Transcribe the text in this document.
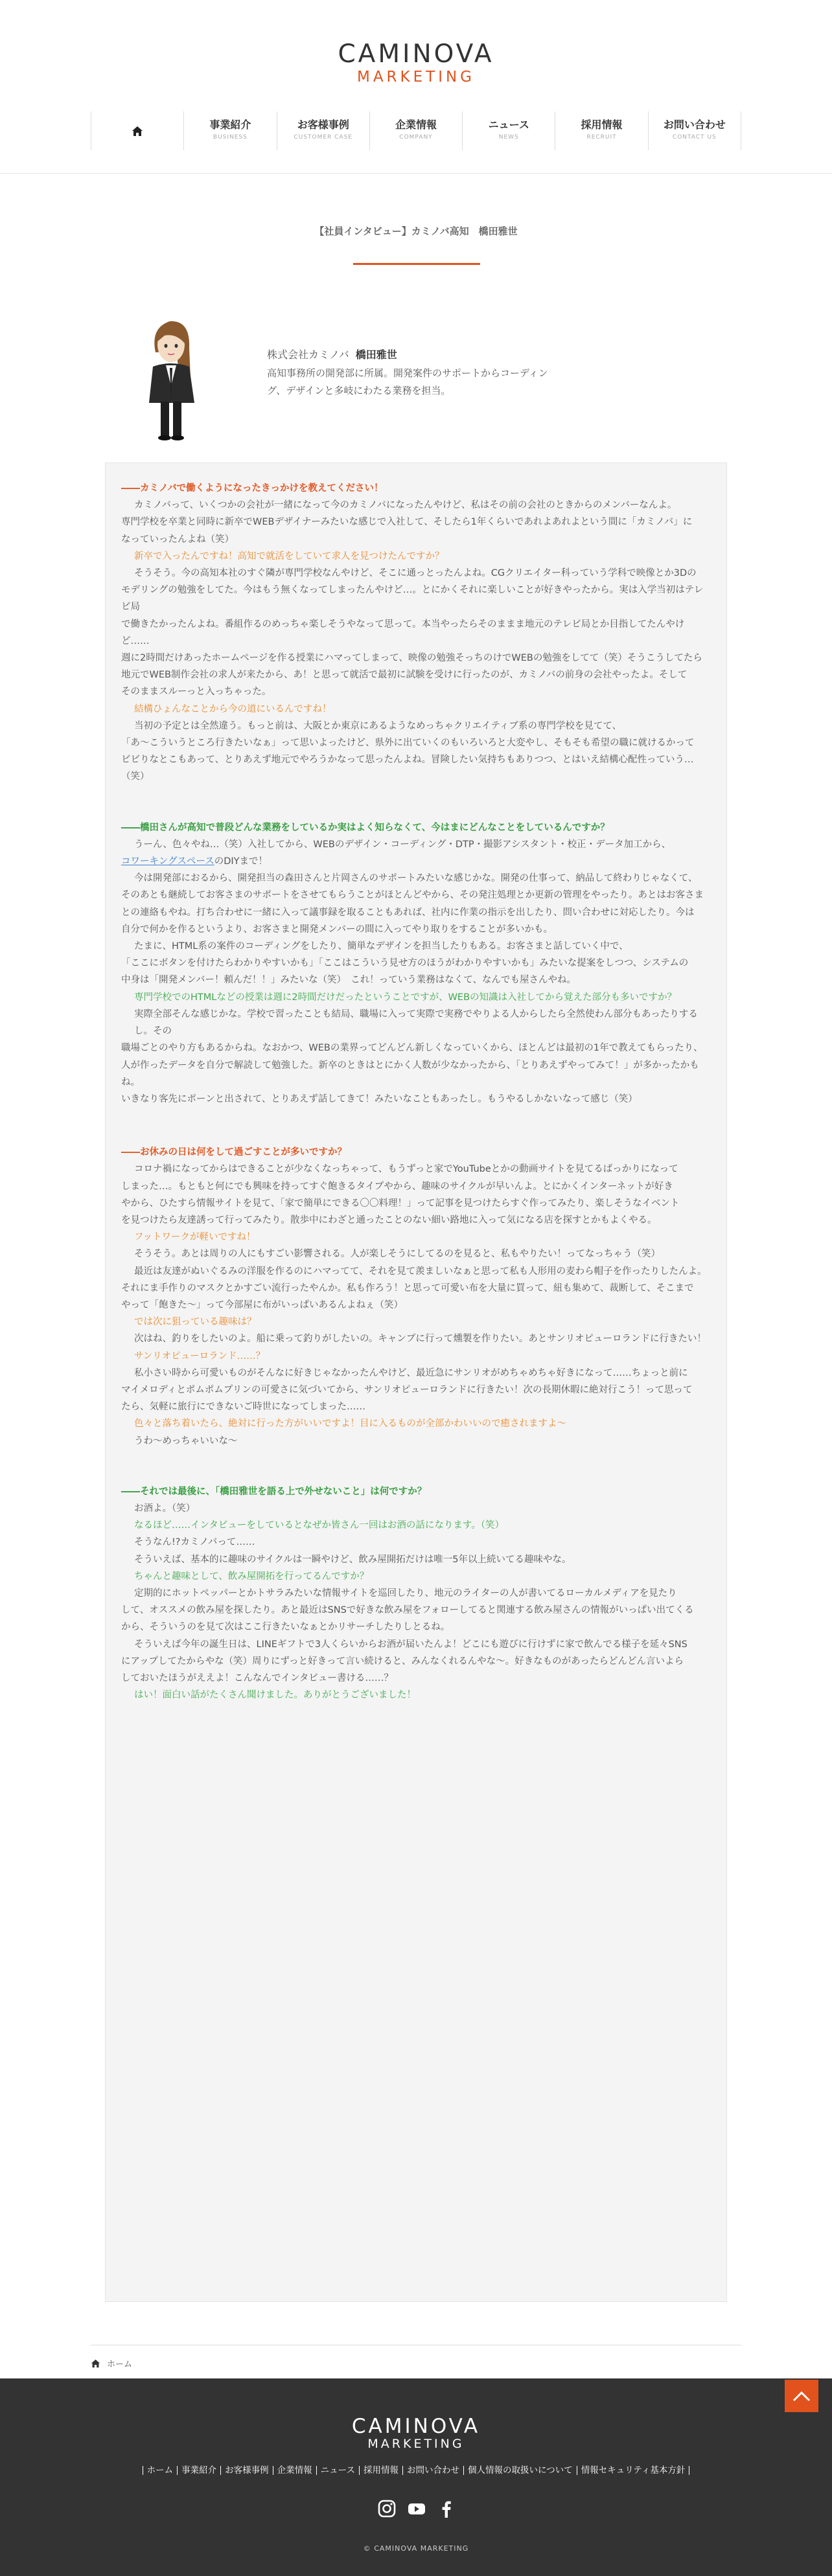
CAMINOVA
MARKETING
事業紹介
BUSINESS
お客様事例
CUSTOMER CASE
企業情報
COMPANY
ニュース
NEWS
採用情報
RECRUIT
お問い合わせ
CONTACT US
【社員インタビュー】カミノバ高知　橋田雅世
株式会社カミノバ 橋田雅世
高知事務所の開発部に所属。開発案件のサポートからコーディング、デザインと多岐にわたる業務を担当。

――カミノバで働くようになったきっかけを教えてください！

カミノバって、いくつかの会社が一緒になって今のカミノバになったんやけど、私はその前の会社のときからのメンバーなんよ。

専門学校を卒業と同時に新卒でWEBデザイナーみたいな感じで入社して、そしたら1年くらいであれよあれよという間に「カミノバ」に

なっていったんよね（笑）

新卒で入ったんですね！高知で就活をしていて求人を見つけたんですか？

そうそう。今の高知本社のすぐ隣が専門学校なんやけど、そこに通っとったんよね。CGクリエイター科っていう学科で映像とか3Dの

モデリングの勉強をしてた。今はもう無くなってしまったんやけど…。とにかくそれに楽しいことが好きやったから。実は入学当初はテレビ局

で働きたかったんよね。番組作るのめっちゃ楽しそうやなって思って。本当やったらそのままま地元のテレビ局とか目指してたんやけど……

週に2時間だけあったホームページを作る授業にハマってしまって、映像の勉強そっちのけでWEBの勉強をしてて（笑）そうこうしてたら

地元でWEB制作会社の求人が来たから、あ！と思って就活で最初に試験を受けに行ったのが、カミノバの前身の会社やったよ。そして

そのままスルーっと入っちゃった。

結構ひょんなことから今の道にいるんですね！

当初の予定とは全然違う。もっと前は、大阪とか東京にあるようなめっちゃクリエイティブ系の専門学校を見てて、

「あ〜こういうところ行きたいなぁ」って思いよったけど、県外に出ていくのもいろいろと大変やし、そもそも希望の職に就けるかって

ビビりなとこもあって、とりあえず地元でやろうかなって思ったんよね。冒険したい気持ちもありつつ、とはいえ結構心配性っていう…（笑）

――橋田さんが高知で普段どんな業務をしているか実はよく知らなくて、今はまにどんなことをしているんですか？

うーん、色々やね…（笑）入社してから、WEBのデザイン・コーディング・DTP・撮影アシスタント・校正・データ加工から、

コワーキングスペースのDIYまで！

今は開発部におるから、開発担当の森田さんと片岡さんのサポートみたいな感じかな。開発の仕事って、納品して終わりじゃなくて、

そのあとも継続してお客さまのサポートをさせてもらうことがほとんどやから、その発注処理とか更新の管理をやったり。あとはお客さま

との連絡もやね。打ち合わせに一緒に入って議事録を取ることもあれば、社内に作業の指示を出したり、問い合わせに対応したり。今は

自分で何かを作るというより、お客さまと開発メンバーの間に入ってやり取りをすることが多いかも。

たまに、HTML系の案件のコーディングをしたり、簡単なデザインを担当したりもある。お客さまと話していく中で、

「ここにボタンを付けたらわかりやすいかも」「ここはこういう見せ方のほうがわかりやすいかも」みたいな提案をしつつ、システムの

中身は「開発メンバー！頼んだ！！」みたいな（笑）　これ！っていう業務はなくて、なんでも屋さんやね。

専門学校でのHTMLなどの授業は週に2時間だけだったということですが、WEBの知識は入社してから覚えた部分も多いですか？

実際全部そんな感じかな。学校で習ったことも結局、職場に入って実際で実務でやりよる人からしたら全然使わん部分もあったりするし。その

職場ごとのやり方もあるからね。なおかつ、WEBの業界ってどんどん新しくなっていくから、ほとんどは最初の1年で教えてもらったり、

人が作ったデータを自分で解読して勉強した。新卒のときはとにかく人数が少なかったから、「とりあえずやってみて！」が多かったかもね。

いきなり客先にポーンと出されて、とりあえず話してきて！みたいなこともあったし。もうやるしかないなって感じ（笑）

――お休みの日は何をして過ごすことが多いですか？

コロナ禍になってからはできることが少なくなっちゃって、もうずっと家でYouTubeとかの動画サイトを見てるばっかりになって

しまった…。もともと何にでも興味を持ってすぐ飽きるタイプやから、趣味のサイクルが早いんよ。とにかくインターネットが好き

やから、ひたすら情報サイトを見て、「家で簡単にできる〇〇料理！」って記事を見つけたらすぐ作ってみたり、楽しそうなイベント

を見つけたら友達誘って行ってみたり。散歩中にわざと通ったことのない細い路地に入って気になる店を探すとかもよくやる。

フットワークが軽いですね！

そうそう。あとは周りの人にもすごい影響される。人が楽しそうにしてるのを見ると、私もやりたい！ってなっちゃう（笑）

最近は友達がぬいぐるみの洋服を作るのにハマってて、それを見て羨ましいなぁと思って私も人形用の麦わら帽子を作ったりしたんよ。

それにま手作りのマスクとかすごい流行ったやんか。私も作ろう！と思って可愛い布を大量に買って、紐も集めて、裁断して、そこまで

やって「飽きた〜」って今部屋に布がいっぱいあるんよねぇ（笑）

では次に狙っている趣味は？

次はね、釣りをしたいのよ。船に乗って釣りがしたいの。キャンプに行って燻製を作りたい。あとサンリオピューロランドに行きたい！

サンリオピューロランド……？

私小さい時から可愛いものがそんなに好きじゃなかったんやけど、最近急にサンリオがめちゃめちゃ好きになって……ちょっと前に

マイメロディとポムポムプリンの可愛さに気づいてから、サンリオピューロランドに行きたい！次の長期休暇に絶対行こう！って思って

たら、気軽に旅行にできないご時世になってしまった……

色々と落ち着いたら、絶対に行った方がいいですよ！目に入るものが全部かわいいので癒されますよ〜

うわ〜めっちゃいいな〜

――それでは最後に、「橋田雅世を語る上で外せないこと」は何ですか？

お酒よ。（笑）

なるほど……インタビューをしているとなぜか皆さん一回はお酒の話になります。（笑）

そうなん!?カミノバって……

そういえば、基本的に趣味のサイクルは一瞬やけど、飲み屋開拓だけは唯一5年以上続いてる趣味やな。

ちゃんと趣味として、飲み屋開拓を行ってるんですか？

定期的にホットペッパーとかトサラみたいな情報サイトを巡回したり、地元のライターの人が書いてるローカルメディアを見たり

して、オススメの飲み屋を探したり。あと最近はSNSで好きな飲み屋をフォローしてると関連する飲み屋さんの情報がいっぱい出てくる

から、そういうのを見て次はここ行きたいなぁとかリサーチしたりしとるね。

そういえば今年の誕生日は、LINEギフトで3人くらいからお酒が届いたんよ！どこにも遊びに行けずに家で飲んでる様子を延々SNS

にアップしてたからやな（笑）周りにずっと好きって言い続けると、みんなくれるんやな〜。好きなものがあったらどんどん言いよら

しておいたほうがええよ！こんなんでインタビュー書ける……？

はい！面白い話がたくさん聞けました。ありがとうございました！

ホーム
CAMINOVA
MARKETING
ホーム 事業紹介 お客様事例 企業情報 ニュース 採用情報 お問い合わせ 個人情報の取扱いについて 情報セキュリティ基本方針
© CAMINOVA MARKETING
